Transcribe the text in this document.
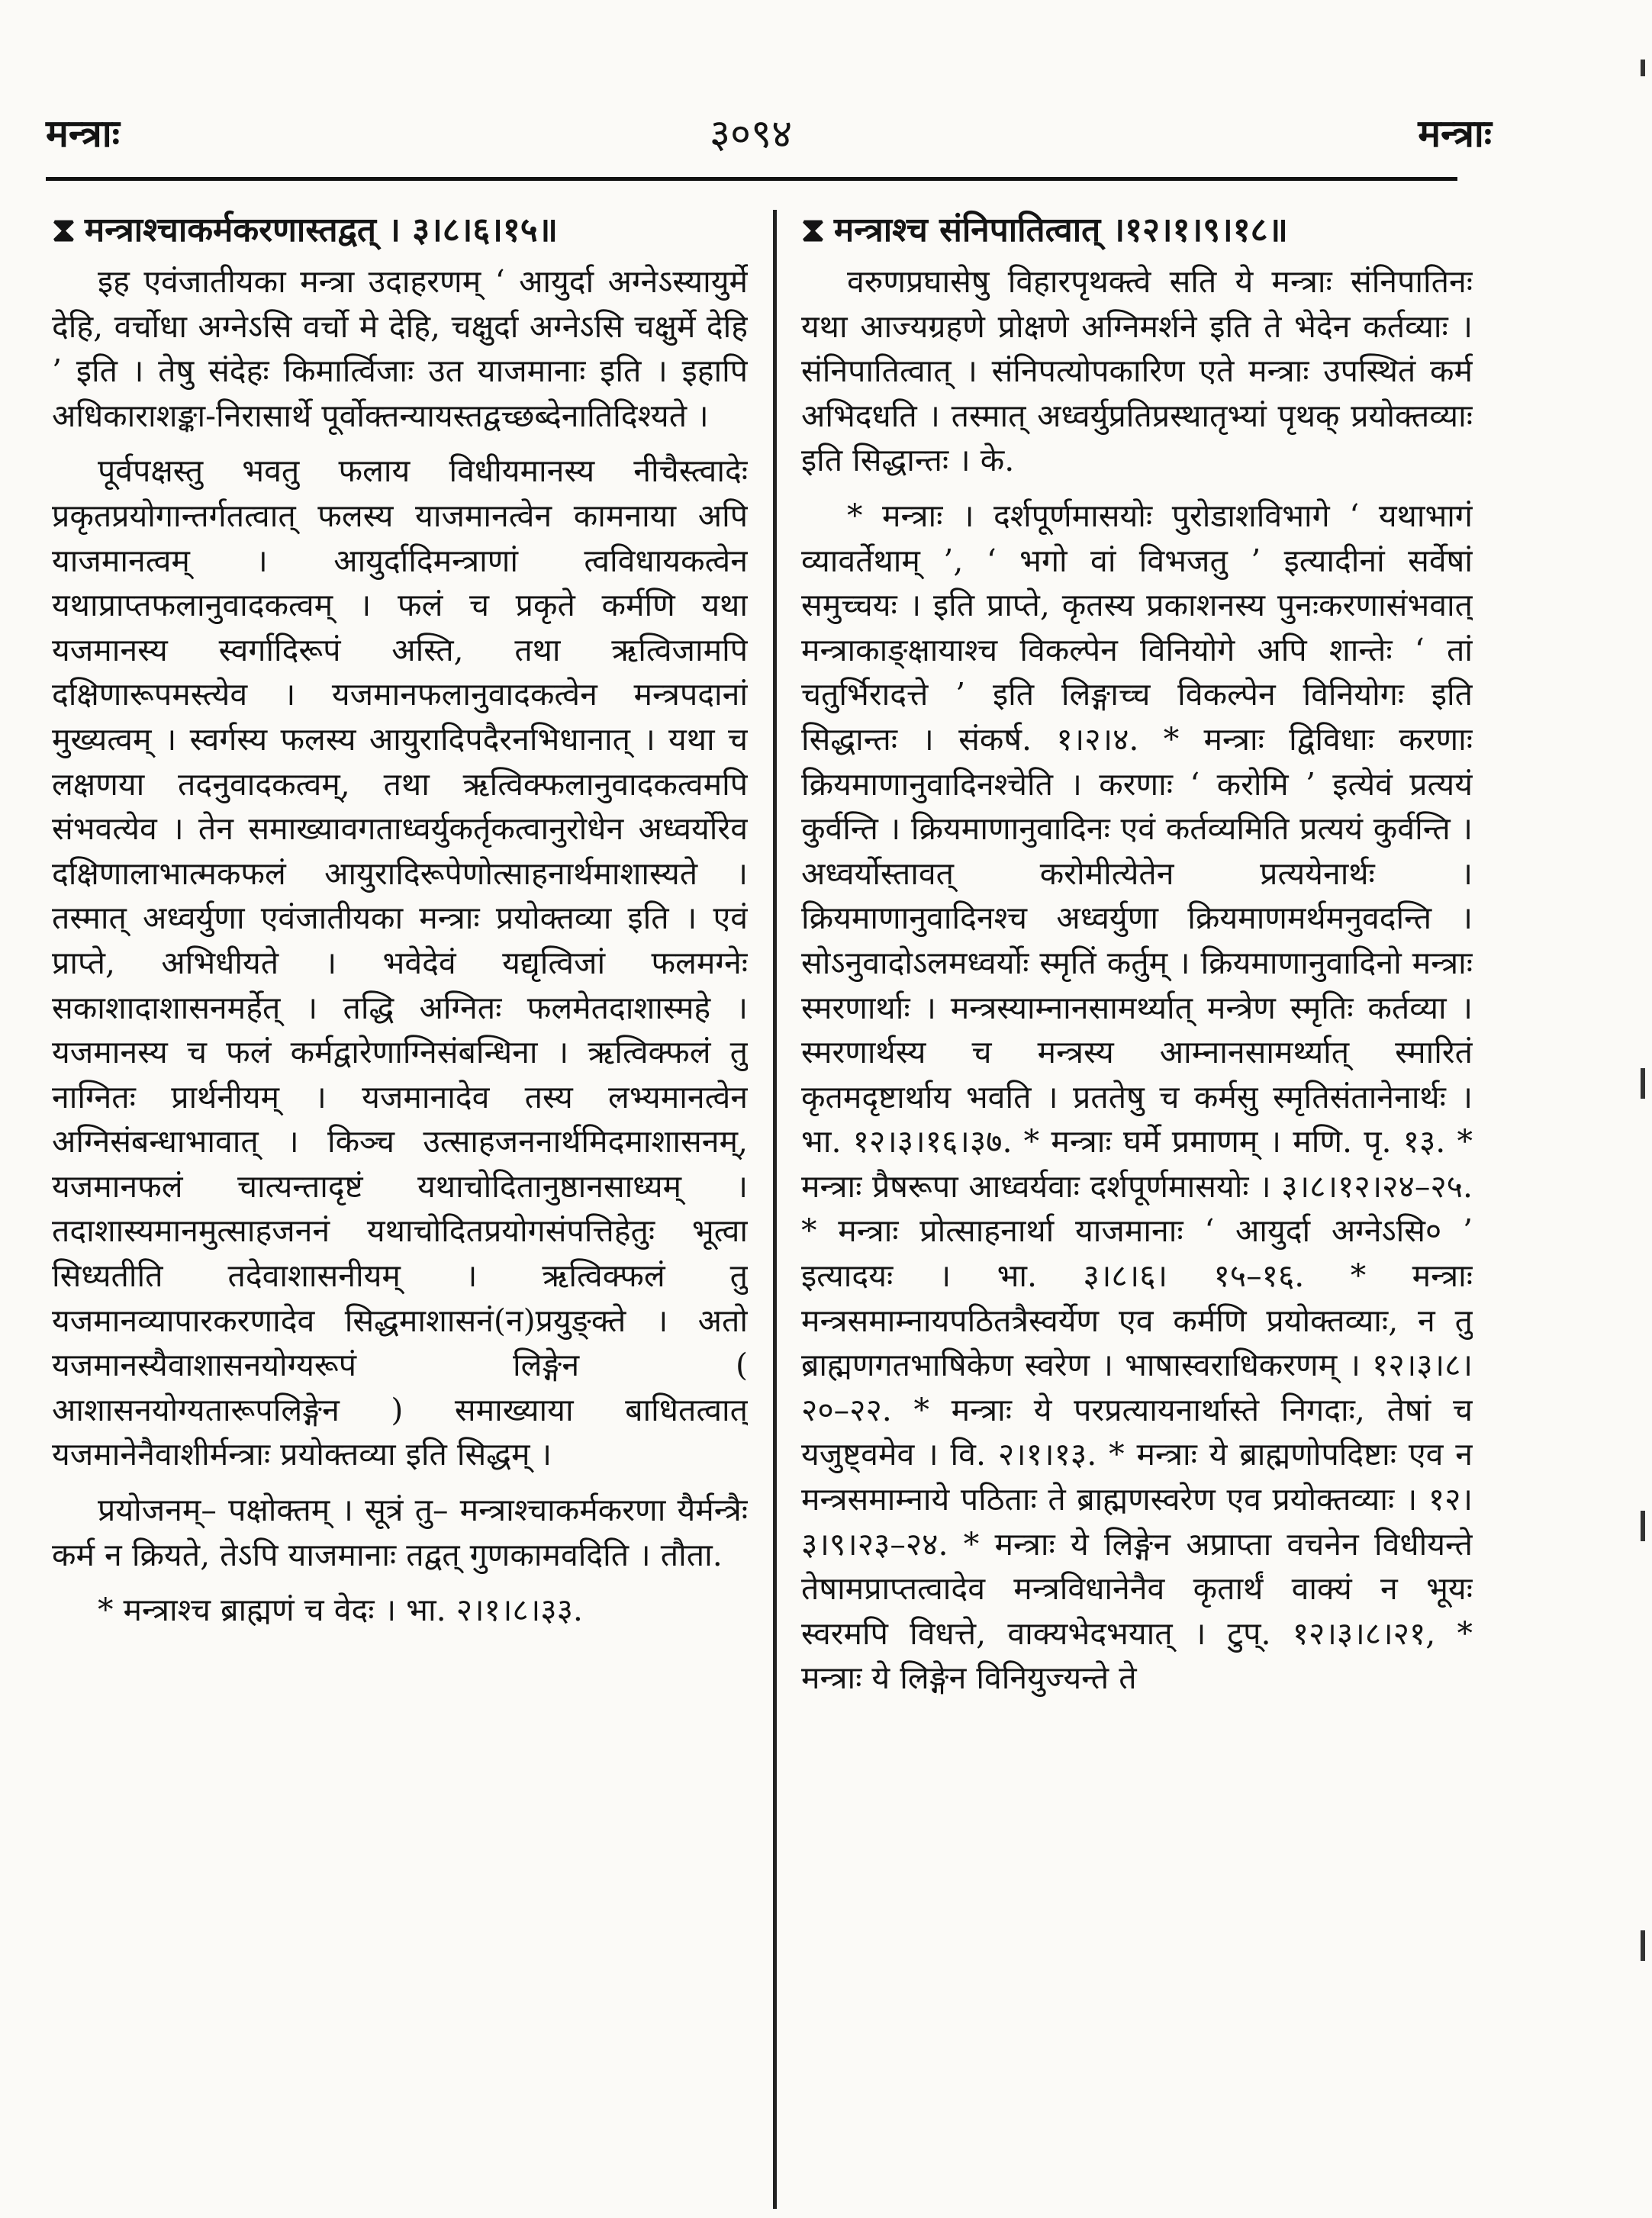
मन्त्राः	३०९४	मन्त्राः
⧗ मन्त्राश्चाकर्मकरणास्तद्वत् । ३।८।६।१५॥

इह एवंजातीयका मन्त्रा उदाहरणम् ‘ आयुर्दा अग्नेऽस्यायुर्मे देहि, वर्चोधा अग्नेऽसि वर्चो मे देहि, चक्षुर्दा अग्नेऽसि चक्षुर्मे देहि ’ इति । तेषु संदेहः किमार्त्विजाः उत याजमानाः इति । इहापि अधिकाराशङ्का-निरासार्थे पूर्वोक्तन्यायस्तद्वच्छब्देनातिदिश्यते ।

पूर्वपक्षस्तु भवतु फलाय विधीयमानस्य नीचैस्त्वादेः प्रकृतप्रयोगान्तर्गतत्वात् फलस्य याजमानत्वेन कामनाया अपि याजमानत्वम् । आयुर्दादिमन्त्राणां त्वविधायकत्वेन यथाप्राप्तफलानुवादकत्वम् । फलं च प्रकृते कर्मणि यथा यजमानस्य स्वर्गादिरूपं अस्ति, तथा ऋत्विजामपि दक्षिणारूपमस्त्येव । यजमानफलानुवादकत्वेन मन्त्रपदानां मुख्यत्वम् । स्वर्गस्य फलस्य आयुरादिपदैरनभिधानात् । यथा च लक्षणया तदनुवादकत्वम्, तथा ऋत्विक्फलानुवादकत्वमपि संभवत्येव । तेन समाख्यावगताध्वर्युकर्तृकत्वानुरोधेन अध्वर्योरेव दक्षिणालाभात्मकफलं आयुरादिरूपेणोत्साहनार्थमाशास्यते । तस्मात् अध्वर्युणा एवंजातीयका मन्त्राः प्रयोक्तव्या इति । एवं प्राप्ते, अभिधीयते । भवेदेवं यद्यृत्विजां फलमग्नेः सकाशादाशासनमर्हेत् । तद्धि अग्नितः फलमेतदाशास्महे । यजमानस्य च फलं कर्मद्वारेणाग्निसंबन्धिना । ऋत्विक्फलं तु नाग्नितः प्रार्थनीयम् । यजमानादेव तस्य लभ्यमानत्वेन अग्निसंबन्धाभावात् । किञ्च उत्साहजननार्थमिदमाशासनम्, यजमानफलं चात्यन्तादृष्टं यथाचोदितानुष्ठानसाध्यम् । तदाशास्यमानमुत्साहजननं यथाचोदितप्रयोगसंपत्तिहेतुः भूत्वा सिध्यतीति तदेवाशासनीयम् । ऋत्विक्फलं तु यजमानव्यापारकरणादेव सिद्धमाशासनं(न)प्रयुङ्क्ते । अतो यजमानस्यैवाशासनयोग्यरूपं लिङ्गेन ( आशासनयोग्यतारूपलिङ्गेन ) समाख्याया बाधितत्वात् यजमानेनैवाशीर्मन्त्राः प्रयोक्तव्या इति सिद्धम् ।

प्रयोजनम्– पक्षोक्तम् । सूत्रं तु– मन्त्राश्चाकर्मकरणा यैर्मन्त्रैः कर्म न क्रियते, तेऽपि याजमानाः तद्वत् गुणकामवदिति । तौता.

* मन्त्राश्च ब्राह्मणं च वेदः । भा. २।१।८।३३.

⧗ मन्त्राश्च संनिपातित्वात् ।१२।१।९।१८॥

वरुणप्रघासेषु विहारपृथक्त्वे सति ये मन्त्राः संनिपातिनः यथा आज्यग्रहणे प्रोक्षणे अग्निमर्शने इति ते भेदेन कर्तव्याः । संनिपातित्वात् । संनिपत्योपकारिण एते मन्त्राः उपस्थितं कर्म अभिदधति । तस्मात् अध्वर्युप्रतिप्रस्थातृभ्यां पृथक् प्रयोक्तव्याः इति सिद्धान्तः । के.

* मन्त्राः । दर्शपूर्णमासयोः पुरोडाशविभागे ‘ यथाभागं व्यावर्तेथाम् ’, ‘ भगो वां विभजतु ’ इत्यादीनां सर्वेषां समुच्चयः । इति प्राप्ते, कृतस्य प्रकाशनस्य पुनःकरणासंभवात् मन्त्राकाङ्क्षायाश्च विकल्पेन विनियोगे अपि शान्तेः ‘ तां चतुर्भिरादत्ते ’ इति लिङ्गाच्च विकल्पेन विनियोगः इति सिद्धान्तः । संकर्ष. १।२।४. * मन्त्राः द्विविधाः करणाः क्रियमाणानुवादिनश्चेति । करणाः ‘ करोमि ’ इत्येवं प्रत्ययं कुर्वन्ति । क्रियमाणानुवादिनः एवं कर्तव्यमिति प्रत्ययं कुर्वन्ति । अध्वर्योस्तावत् करोमीत्येतेन प्रत्ययेनार्थः । क्रियमाणानुवादिनश्च अध्वर्युणा क्रियमाणमर्थमनुवदन्ति । सोऽनुवादोऽलमध्वर्योः स्मृतिं कर्तुम् । क्रियमाणानुवादिनो मन्त्राः स्मरणार्थाः । मन्त्रस्याम्नानसामर्थ्यात् मन्त्रेण स्मृतिः कर्तव्या । स्मरणार्थस्य च मन्त्रस्य आम्नानसामर्थ्यात् स्मारितं कृतमदृष्टार्थाय भवति । प्रततेषु च कर्मसु स्मृतिसंतानेनार्थः । भा. १२।३।१६।३७. * मन्त्राः घर्मे प्रमाणम् । मणि. पृ. १३. * मन्त्राः प्रैषरूपा आध्वर्यवाः दर्शपूर्णमासयोः । ३।८।१२।२४–२५. * मन्त्राः प्रोत्साहनार्था याजमानाः ‘ आयुर्दा अग्नेऽसि० ’ इत्यादयः । भा. ३।८।६। १५–१६. * मन्त्राः मन्त्रसमाम्नायपठितत्रैस्वर्येण एव कर्मणि प्रयोक्तव्याः, न तु ब्राह्मणगतभाषिकेण स्वरेण । भाषास्वराधिकरणम् । १२।३।८।२०–२२. * मन्त्राः ये परप्रत्यायनार्थास्ते निगदाः, तेषां च यजुष्ट्वमेव । वि. २।१।१३. * मन्त्राः ये ब्राह्मणोपदिष्टाः एव न मन्त्रसमाम्नाये पठिताः ते ब्राह्मणस्वरेण एव प्रयोक्तव्याः । १२।३।९।२३–२४. * मन्त्राः ये लिङ्गेन अप्राप्ता वचनेन विधीयन्ते तेषामप्राप्तत्वादेव मन्त्रविधानेनैव कृतार्थं वाक्यं न भूयः स्वरमपि विधत्ते, वाक्यभेदभयात् । टुप्. १२।३।८।२१, * मन्त्राः ये लिङ्गेन विनियुज्यन्ते ते
